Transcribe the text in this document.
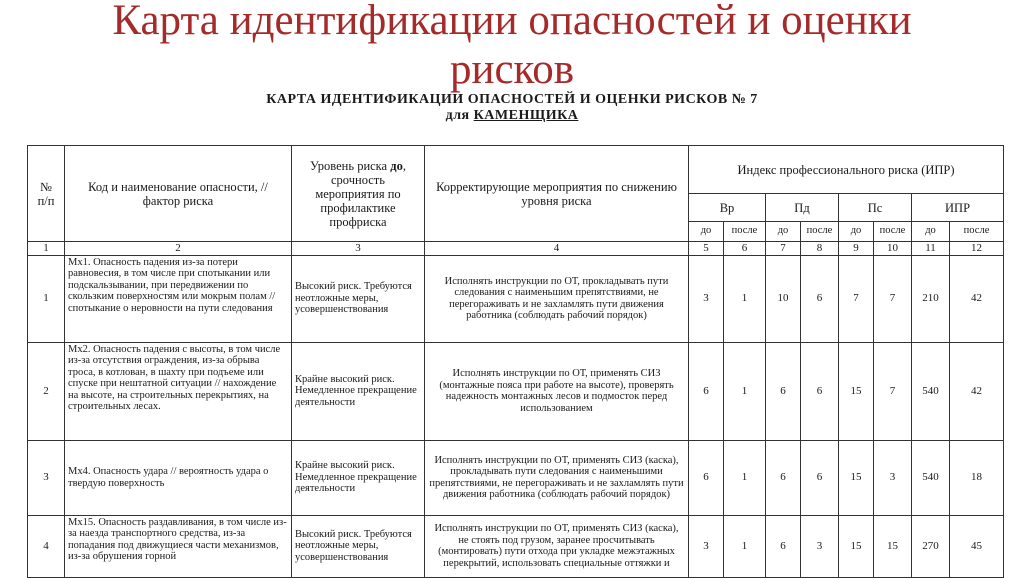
Карта идентификации опасностей и оценки
рисков
КАРТА ИДЕНТИФИКАЦИИ ОПАСНОСТЕЙ И ОЦЕНКИ РИСКОВ № 7
для КАМЕНЩИКА
№
п/п	Код и наименование опасности, // фактор риска	Уровень риска до, срочность мероприятия по профилактике профриска	Корректирующие мероприятия по снижению уровня риска	Индекс профессионального риска (ИПР)							
				Вр		Пд		Пс		ИПР	
				до	после	до	после	до	после	до	после
1	2	3	4	5	6	7	8	9	10	11	12
1	Мх1. Опасность падения из-за потери равновесия, в том числе при спотыкании или подскальзывании, при передвижении по скользким поверхностям или мокрым полам // спотыкание о неровности на пути следования	Высокий риск. Требуются неотложные меры, усовершенствования	Исполнять инструкции по ОТ, прокладывать пути следования с наименьшим препятствиями, не перегораживать и не захламлять пути движения работника (соблюдать рабочий порядок)	3	1	10	6	7	7	210	42
2	Мх2. Опасность падения с высоты, в том числе из-за отсутствия ограждения, из-за обрыва троса, в котлован, в шахту при подъеме или спуске при нештатной ситуации // нахождение на высоте, на строительных перекрытиях, на строительных лесах.	Крайне высокий риск. Немедленное прекращение деятельности	Исполнять инструкции по ОТ, применять СИЗ (монтажные пояса при работе на высоте), проверять надежность монтажных лесов и подмосток перед использованием	6	1	6	6	15	7	540	42
3	Мх4. Опасность удара // вероятность удара о твердую поверхность	Крайне высокий риск. Немедленное прекращение деятельности	Исполнять инструкции по ОТ, применять СИЗ (каска), прокладывать пути следования с наименьшими препятствиями, не перегораживать и не захламлять пути движения работника (соблюдать рабочий порядок)	6	1	6	6	15	3	540	18
4	Мх15. Опасность раздавливания, в том числе из-за наезда транспортного средства, из-за попадания под движущиеся части механизмов, из-за обрушения горной	Высокий риск. Требуются неотложные меры, усовершенствования	Исполнять инструкции по ОТ, применять СИЗ (каска), не стоять под грузом, заранее просчитывать (монтировать) пути отхода при укладке межэтажных перекрытий, использовать специальные оттяжки и	3	1	6	3	15	15	270	45
